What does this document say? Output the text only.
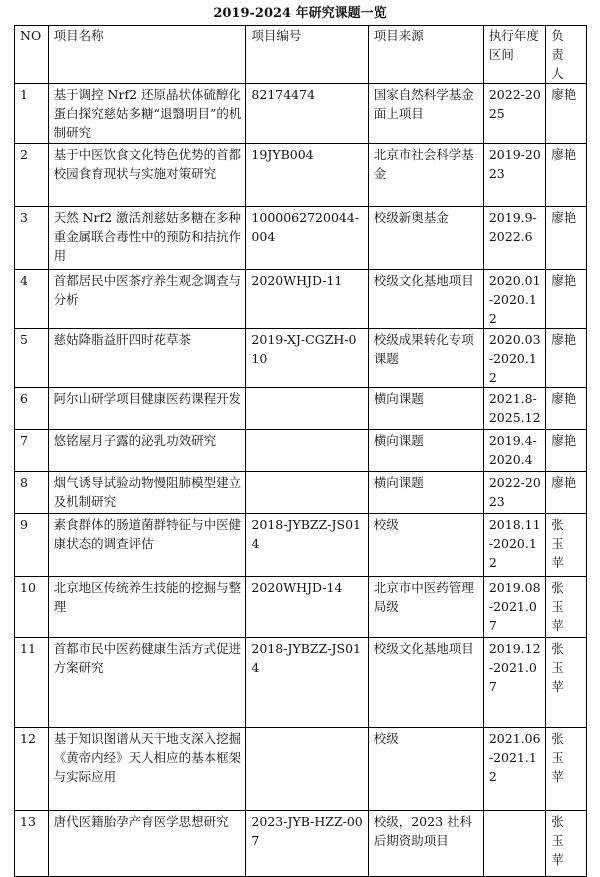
2019-2024 年研究课题一览
NO	项目名称	项目编号	项目来源	执行年度区间	负责人
1	基于调控 Nrf2 还原晶状体硫醇化蛋白探究慈姑多糖“退翳明目”的机制研究	82174474	国家自然科学基金面上项目	2022-2025	廖艳
2	基于中医饮食文化特色优势的首都校园食育现状与实施对策研究	19JYB004	北京市社会科学基金	2019-2023	廖艳
3	天然 Nrf2 激活剂慈姑多糖在多种重金属联合毒性中的预防和拮抗作用	1000062720044-004	校级新奥基金	2019.9-2022.6	廖艳
4	首都居民中医茶疗养生观念调查与分析	2020WHJD-11	校级文化基地项目	2020.01-2020.12	廖艳
5	慈姑降脂益肝四时花草茶	2019-XJ-CGZH-010	校级成果转化专项课题	2020.03-2020.12	廖艳
6	阿尔山研学项目健康医药课程开发		横向课题	2021.8-2025.12	廖艳
7	悠铭屋月子露的泌乳功效研究		横向课题	2019.4-2020.4	廖艳
8	烟气诱导试验动物慢阻肺模型建立及机制研究		横向课题	2022-2023	廖艳
9	素食群体的肠道菌群特征与中医健康状态的调查评估	2018-JYBZZ-JS014	校级	2018.11-2020.12	张玉苹
10	北京地区传统养生技能的挖掘与整理	2020WHJD-14	北京市中医药管理局级	2019.08-2021.07	张玉苹
11	首都市民中医药健康生活方式促进方案研究	2018-JYBZZ-JS014	校级文化基地项目	2019.12-2021.07	张玉苹
12	基于知识图谱从天干地支深入挖掘《黄帝内经》天人相应的基本框架与实际应用		校级	2021.06-2021.12	张玉苹
13	唐代医籍胎孕产育医学思想研究	2023-JYB-HZZ-007	校级，2023 社科后期资助项目		张玉苹
